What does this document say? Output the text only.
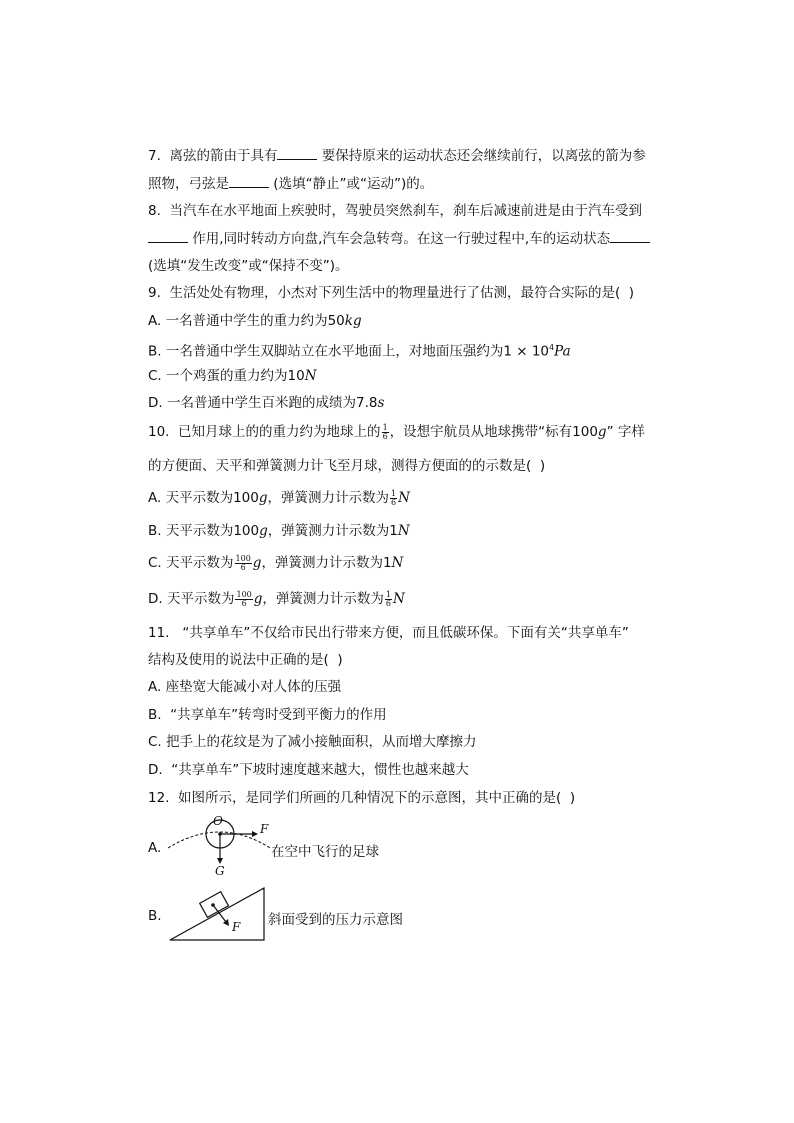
7.  离弦的箭由于具有	要保持原来的运动状态还会继续前行，以离弦的箭为参
照物，弓弦是	(选填“静止”或“运动”)的。
8.  当汽车在水平地面上疾驶时，驾驶员突然刹车，刹车后减速前进是由于汽车受到
作用,同时转动方向盘,汽车会急转弯。在这一行驶过程中,车的运动状态
(选填“发生改变”或“保持不变”)。
9.  生活处处有物理，小杰对下列生活中的物理量进行了估测，最符合实际的是(  )
A. 一名普通中学生的重力约为50kg
B. 一名普通中学生双脚站立在水平地面上，对地面压强约为$1 \times 10^4Pa$
C. 一个鸡蛋的重力约为10N
D. 一名普通中学生百米跑的成绩为7.8s
10.  已知月球上的的重力约为地球上的 $\frac{1}{6}$ ，设想宇航员从地球携带“标有100g” 字样
的方便面、天平和弹簧测力计飞至月球，测得方便面的的示数是(  )
A. 天平示数为100g，弹簧测力计示数为 $\frac{1}{6}$ N
B. 天平示数为100g，弹簧测力计示数为1N
C. 天平示数为 $\frac{100}{6}$ g，弹簧测力计示数为1N
D. 天平示数为 $\frac{100}{6}$ g，弹簧测力计示数为 $\frac{1}{6}$ N
11.   “共享单车”不仅给市民出行带来方便，而且低碳环保。下面有关“共享单车”
结构及使用的说法中正确的是(  )
A. 座垫宽大能减小对人体的压强
B.  “共享单车”转弯时受到平衡力的作用
C. 把手上的花纹是为了减小接触面积，从而增大摩擦力
D.  “共享单车”下坡时速度越来越大，惯性也越来越大
12.  如图所示，是同学们所画的几种情况下的示意图，其中正确的是(  )
A.
O
F
G
在空中飞行的足球
B.
F 斜面受到的压力示意图
